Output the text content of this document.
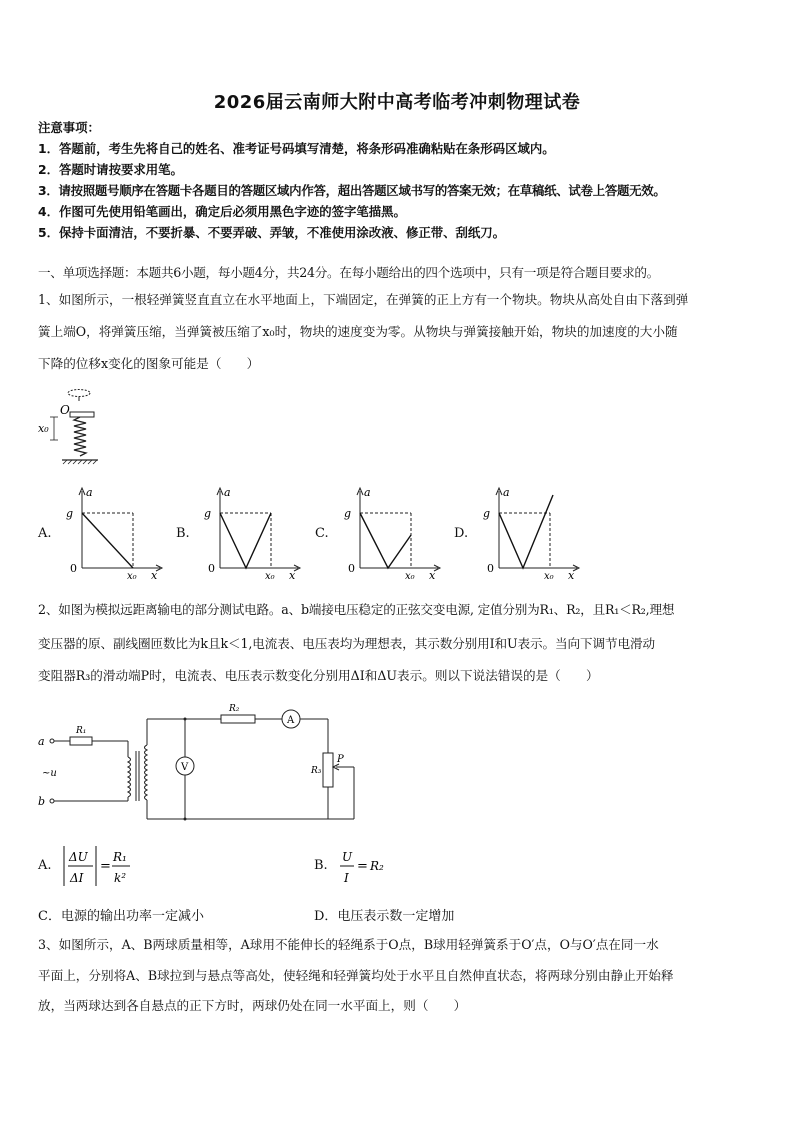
2026届云南师大附中高考临考冲刺物理试卷
注意事项：
1．答题前，考生先将自己的姓名、准考证号码填写清楚，将条形码准确粘贴在条形码区域内。
2．答题时请按要求用笔。
3．请按照题号顺序在答题卡各题目的答题区域内作答，超出答题区域书写的答案无效；在草稿纸、试卷上答题无效。
4．作图可先使用铅笔画出，确定后必须用黑色字迹的签字笔描黑。
5．保持卡面清洁，不要折暴、不要弄破、弄皱，不准使用涂改液、修正带、刮纸刀。
一、单项选择题：本题共6小题，每小题4分，共24分。在每小题给出的四个选项中，只有一项是符合题目要求的。
1、如图所示，一根轻弹簧竖直直立在水平地面上，下端固定，在弹簧的正上方有一个物块。物块从高处自由下落到弹
簧上端O，将弹簧压缩，当弹簧被压缩了x₀时，物块的速度变为零。从物块与弹簧接触开始，物块的加速度的大小随
下降的位移x变化的图象可能是（　　）
O
x₀
A.	B.	C.	D.
a
g
0
x₀ x
a
g
0
x₀ x
a
g
0
x₀ x
a
g
0
x₀ x
2、如图为模拟远距离输电的部分测试电路。a、b端接电压稳定的正弦交变电源, 定值分别为R₁、R₂，且R₁＜R₂,理想
变压器的原、副线圈匝数比为k且k＜1,电流表、电压表均为理想表，其示数分别用I和U表示。当向下调节电滑动
变阻器R₃的滑动端P时，电流表、电压表示数变化分别用ΔI和ΔU表示。则以下说法错误的是（　　）
a
b
~u
R₁
R₂
R₃
P
A
V
A.
ΔU
ΔI
=
R₁
k²
B.
U
I
= R₂
C．电源的输出功率一定减小	D．电压表示数一定增加
3、如图所示，A、B两球质量相等，A球用不能伸长的轻绳系于O点，B球用轻弹簧系于O′点，O与O′点在同一水
平面上，分别将A、B球拉到与悬点等高处，使轻绳和轻弹簧均处于水平且自然伸直状态，将两球分别由静止开始释
放，当两球达到各自悬点的正下方时，两球仍处在同一水平面上，则（　　）
